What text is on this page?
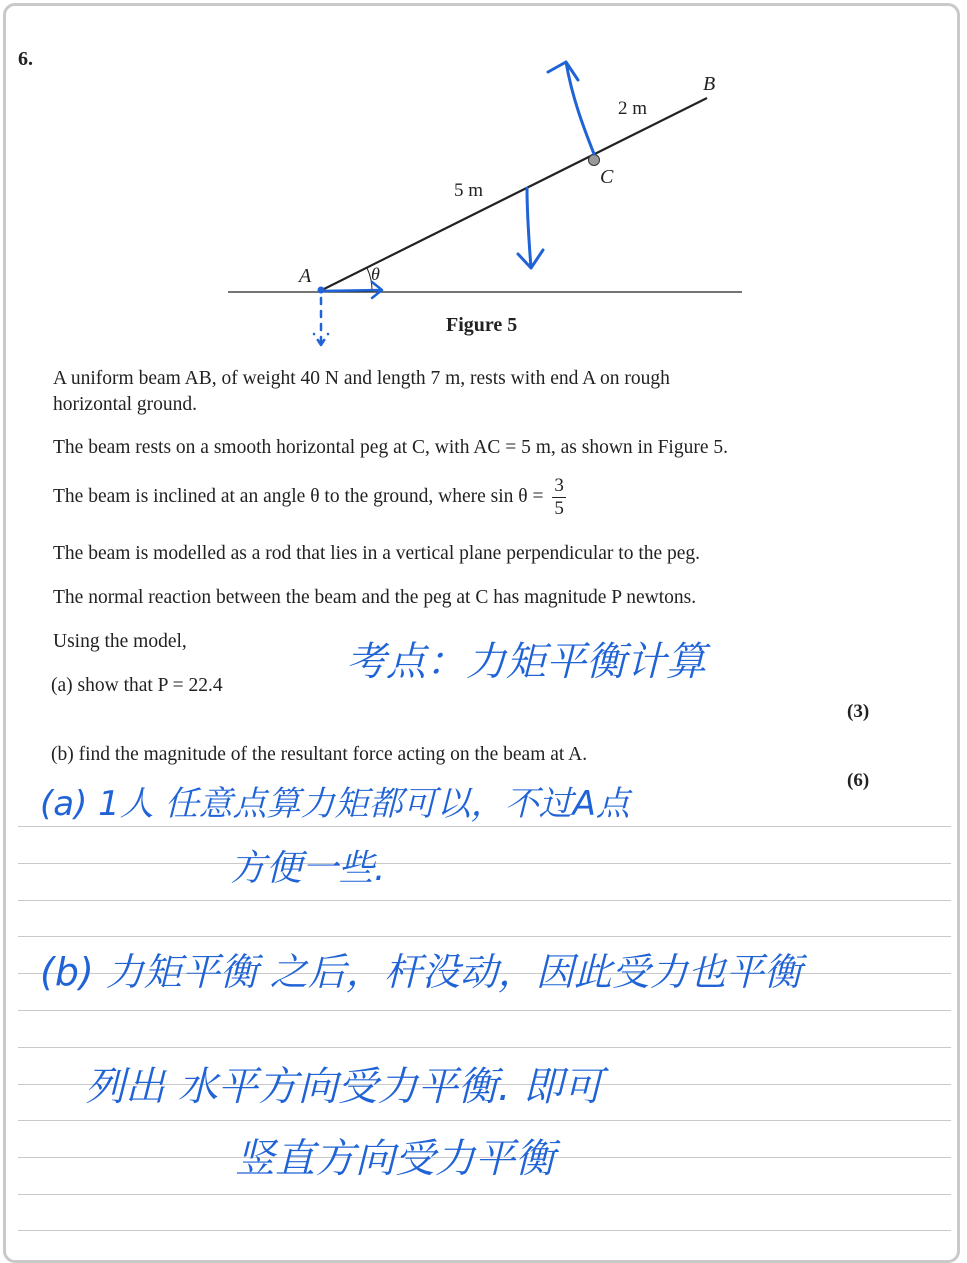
6.
A
B
C
θ
5 m
2 m
Figure 5
A uniform beam AB, of weight 40 N and length 7 m, rests with end A on rough
horizontal ground.
The beam rests on a smooth horizontal peg at C, with AC = 5 m, as shown in Figure 5.
The beam is inclined at an angle θ to the ground, where $\sin \theta = \frac{3}{5}$
The beam is modelled as a rod that lies in a vertical plane perpendicular to the peg.
The normal reaction between the beam and the peg at C has magnitude P newtons.
Using the model,
(a) show that P = 22.4
(3)
(b) find the magnitude of the resultant force acting on the beam at A.
(6)
考点：力矩平衡计算
(a) 1人 任意点算力矩都可以，不过A点
方便一些.
(b) 力矩平衡 之后，杆没动，因此受力也平衡
列出 水平方向受力平衡. 即可
竖直方向受力平衡
